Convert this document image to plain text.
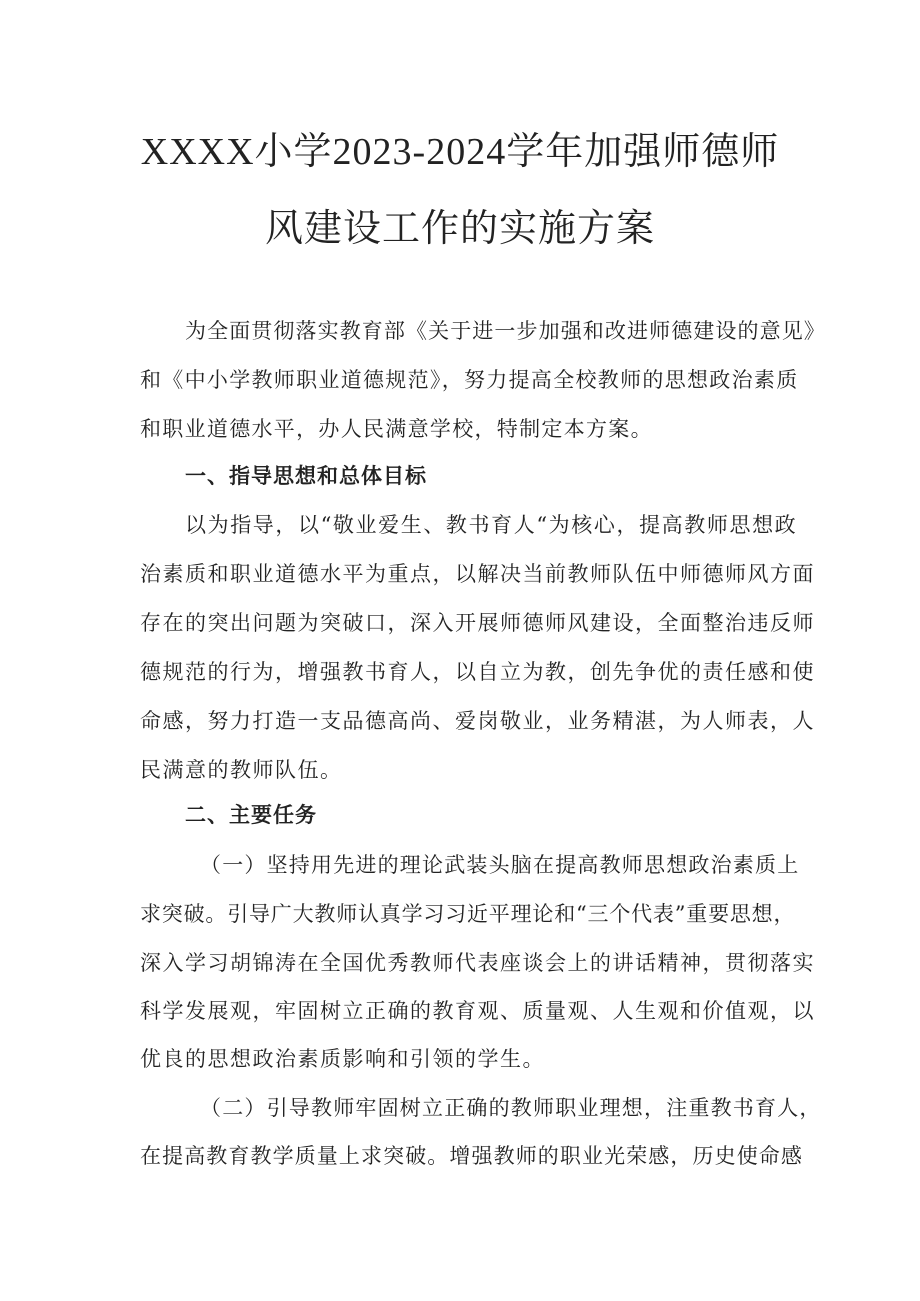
XXXX小学2023-2024学年加强师德师
风建设工作的实施方案
为全面贯彻落实教育部《关于进一步加强和改进师德建设的意见》
和《中小学教师职业道德规范》，努力提高全校教师的思想政治素质
和职业道德水平，办人民满意学校，特制定本方案。
一、指导思想和总体目标
以为指导，以“敬业爱生、教书育人“为核心，提高教师思想政
治素质和职业道德水平为重点，以解决当前教师队伍中师德师风方面
存在的突出问题为突破口，深入开展师德师风建设，全面整治违反师
德规范的行为，增强教书育人，以自立为教，创先争优的责任感和使
命感，努力打造一支品德高尚、爱岗敬业，业务精湛，为人师表，人
民满意的教师队伍。
二、主要任务
（一）坚持用先进的理论武装头脑在提高教师思想政治素质上
求突破。引导广大教师认真学习习近平理论和“三个代表”重要思想，
深入学习胡锦涛在全国优秀教师代表座谈会上的讲话精神，贯彻落实
科学发展观，牢固树立正确的教育观、质量观、人生观和价值观，以
优良的思想政治素质影响和引领的学生。
（二）引导教师牢固树立正确的教师职业理想，注重教书育人，
在提高教育教学质量上求突破。增强教师的职业光荣感，历史使命感
